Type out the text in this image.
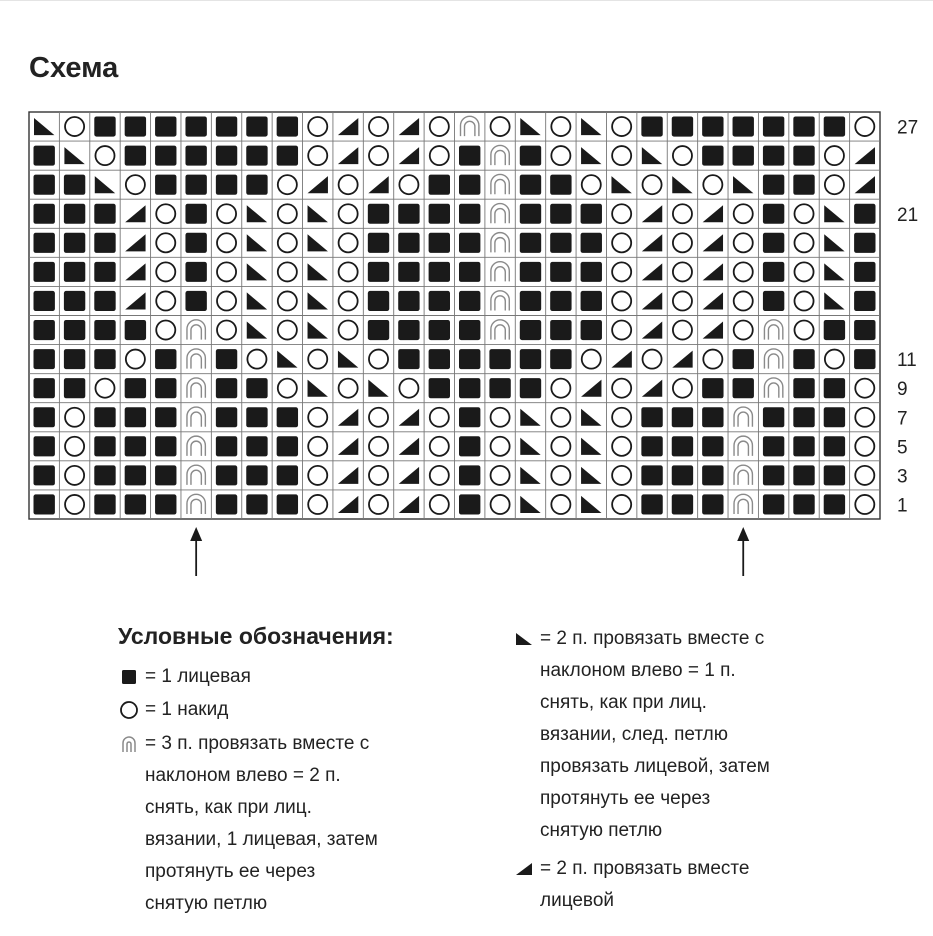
Схема
27
21
11
9
7
5
3
1
Условные обозначения:
= 1 лицевая
= 1 накид
= 3 п. провязать вместе с
наклоном влево = 2 п.
снять, как при лиц.
вязании, 1 лицевая, затем
протянуть ее через
снятую петлю
= 2 п. провязать вместе с
наклоном влево = 1 п.
снять, как при лиц.
вязании, след. петлю
провязать лицевой, затем
протянуть ее через
снятую петлю
= 2 п. провязать вместе
лицевой
